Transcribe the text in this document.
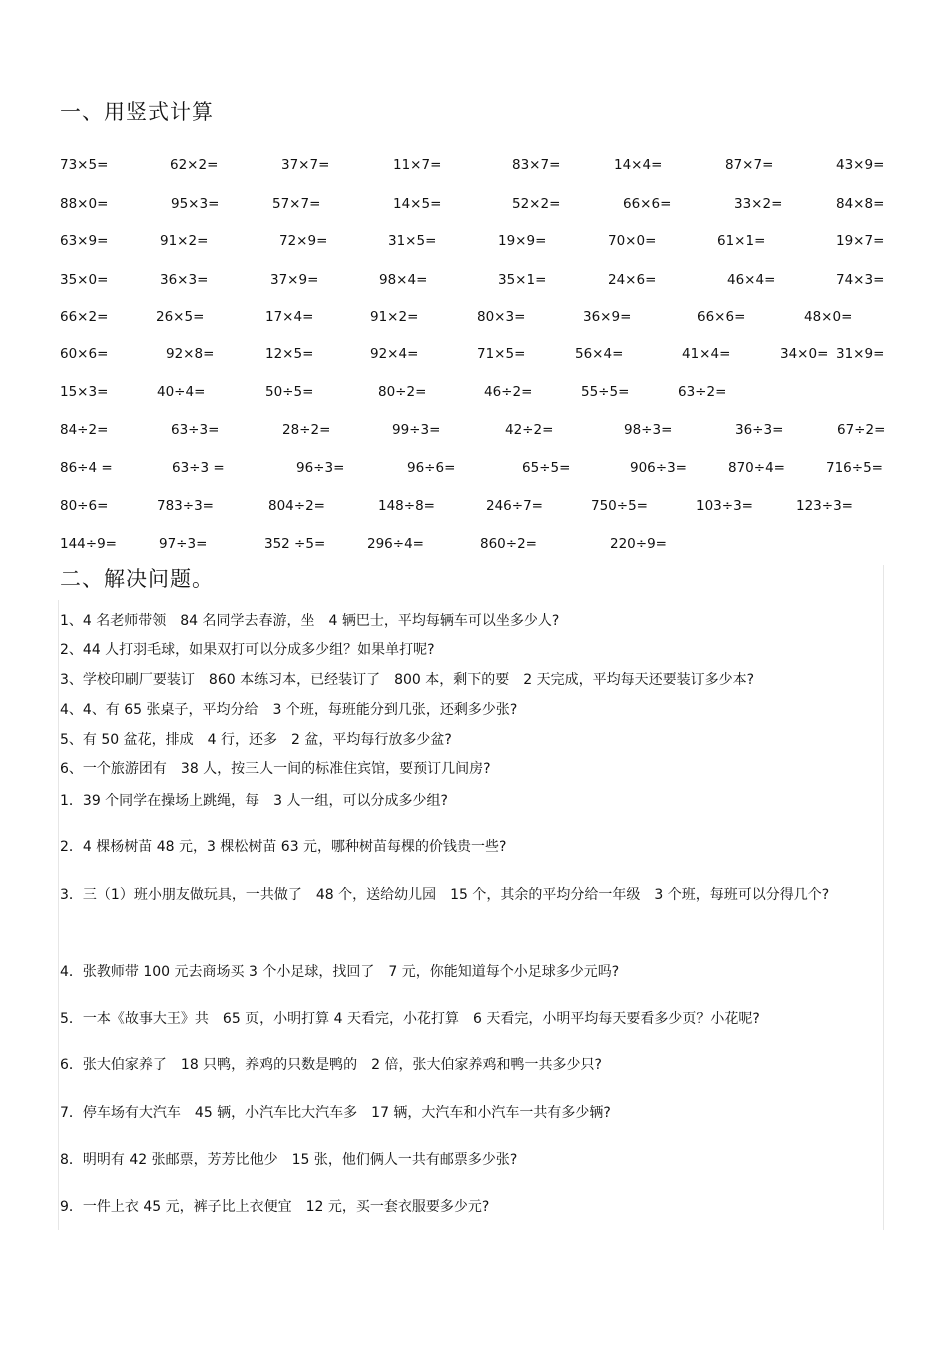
一、用竖式计算
73×5=	62×2=	37×7=	11×7=	83×7=	14×4=	87×7=	43×9=
88×0=	95×3=	57×7=	14×5=	52×2=	66×6=	33×2=	84×8=
63×9=	91×2=	72×9=	31×5=	19×9=	70×0=	61×1=	19×7=
35×0=	36×3=	37×9=	98×4=	35×1=	24×6=	46×4=	74×3=
66×2=	26×5=	17×4=	91×2=	80×3=	36×9=	66×6=	48×0=
60×6=	92×8=	12×5=	92×4=	71×5=	56×4=	41×4=	34×0= 31×9=
15×3=	40÷4=	50÷5=	80÷2=	46÷2=	55÷5=	63÷2=
84÷2=	63÷3=	28÷2=	99÷3=	42÷2=	98÷3=	36÷3=	67÷2=
86÷4 =	63÷3 =	96÷3=	96÷6=	65÷5=	906÷3=	870÷4=	716÷5=
80÷6=	783÷3=	804÷2=	148÷8=	246÷7=	750÷5=	103÷3=	123÷3=
144÷9=	97÷3=	352 ÷5=	296÷4=	860÷2=	220÷9=
二、解决问题。

1、4 名老师带领　84 名同学去春游，坐　4 辆巴士，平均每辆车可以坐多少人?

2、44 人打羽毛球，如果双打可以分成多少组？如果单打呢?

3、学校印刷厂要装订　860 本练习本，已经装订了　800 本，剩下的要　2 天完成，平均每天还要装订多少本?

4、4、有 65 张桌子，平均分给　3 个班，每班能分到几张，还剩多少张?

5、有 50 盆花，排成　4 行，还多　2 盆，平均每行放多少盆?

6、一个旅游团有　38 人，按三人一间的标准住宾馆，要预订几间房?

1．39 个同学在操场上跳绳，每　3 人一组，可以分成多少组?

2．4 棵杨树苗 48 元，3 棵松树苗 63 元，哪种树苗每棵的价钱贵一些?

3．三（1）班小朋友做玩具，一共做了　48 个，送给幼儿园　15 个，其余的平均分给一年级　3 个班，每班可以分得几个?

4．张教师带 100 元去商场买 3 个小足球，找回了　7 元，你能知道每个小足球多少元吗?

5．一本《故事大王》共　65 页，小明打算 4 天看完，小花打算　6 天看完，小明平均每天要看多少页？小花呢?

6．张大伯家养了　18 只鸭，养鸡的只数是鸭的　2 倍，张大伯家养鸡和鸭一共多少只?

7．停车场有大汽车　45 辆，小汽车比大汽车多　17 辆，大汽车和小汽车一共有多少辆?

8．明明有 42 张邮票，芳芳比他少　15 张，他们俩人一共有邮票多少张?

9．一件上衣 45 元，裤子比上衣便宜　12 元，买一套衣服要多少元?
